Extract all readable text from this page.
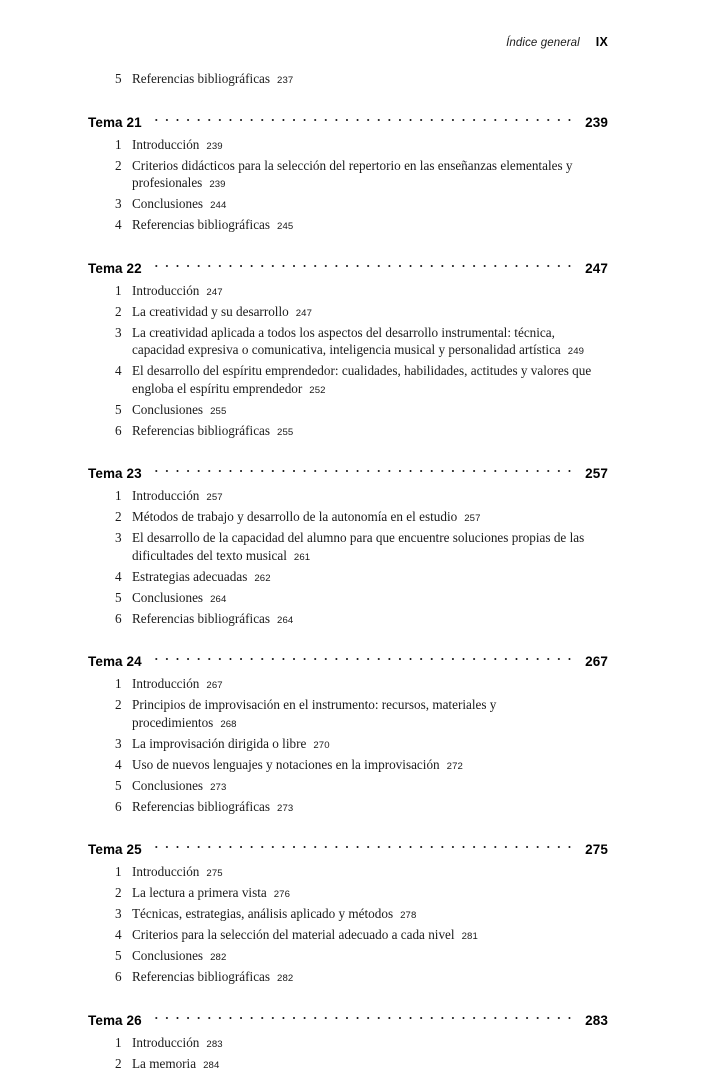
Índice general IX
5 Referencias bibliográficas 237
Tema 21	239
1 Introducción 239
2 Criterios didácticos para la selección del repertorio en las enseñanzas elementales y profesionales 239
3 Conclusiones 244
4 Referencias bibliográficas 245
Tema 22	247
1 Introducción 247
2 La creatividad y su desarrollo 247
3 La creatividad aplicada a todos los aspectos del desarrollo instrumental: técnica, capacidad expresiva o comunicativa, inteligencia musical y personalidad artística 249
4 El desarrollo del espíritu emprendedor: cualidades, habilidades, actitudes y valores que engloba el espíritu emprendedor 252
5 Conclusiones 255
6 Referencias bibliográficas 255
Tema 23	257
1 Introducción 257
2 Métodos de trabajo y desarrollo de la autonomía en el estudio 257
3 El desarrollo de la capacidad del alumno para que encuentre soluciones propias de las dificultades del texto musical 261
4 Estrategias adecuadas 262
5 Conclusiones 264
6 Referencias bibliográficas 264
Tema 24	267
1 Introducción 267
2 Principios de improvisación en el instrumento: recursos, materiales y procedimientos 268
3 La improvisación dirigida o libre 270
4 Uso de nuevos lenguajes y notaciones en la improvisación 272
5 Conclusiones 273
6 Referencias bibliográficas 273
Tema 25	275
1 Introducción 275
2 La lectura a primera vista 276
3 Técnicas, estrategias, análisis aplicado y métodos 278
4 Criterios para la selección del material adecuado a cada nivel 281
5 Conclusiones 282
6 Referencias bibliográficas 282
Tema 26	283
1 Introducción 283
2 La memoria 284
